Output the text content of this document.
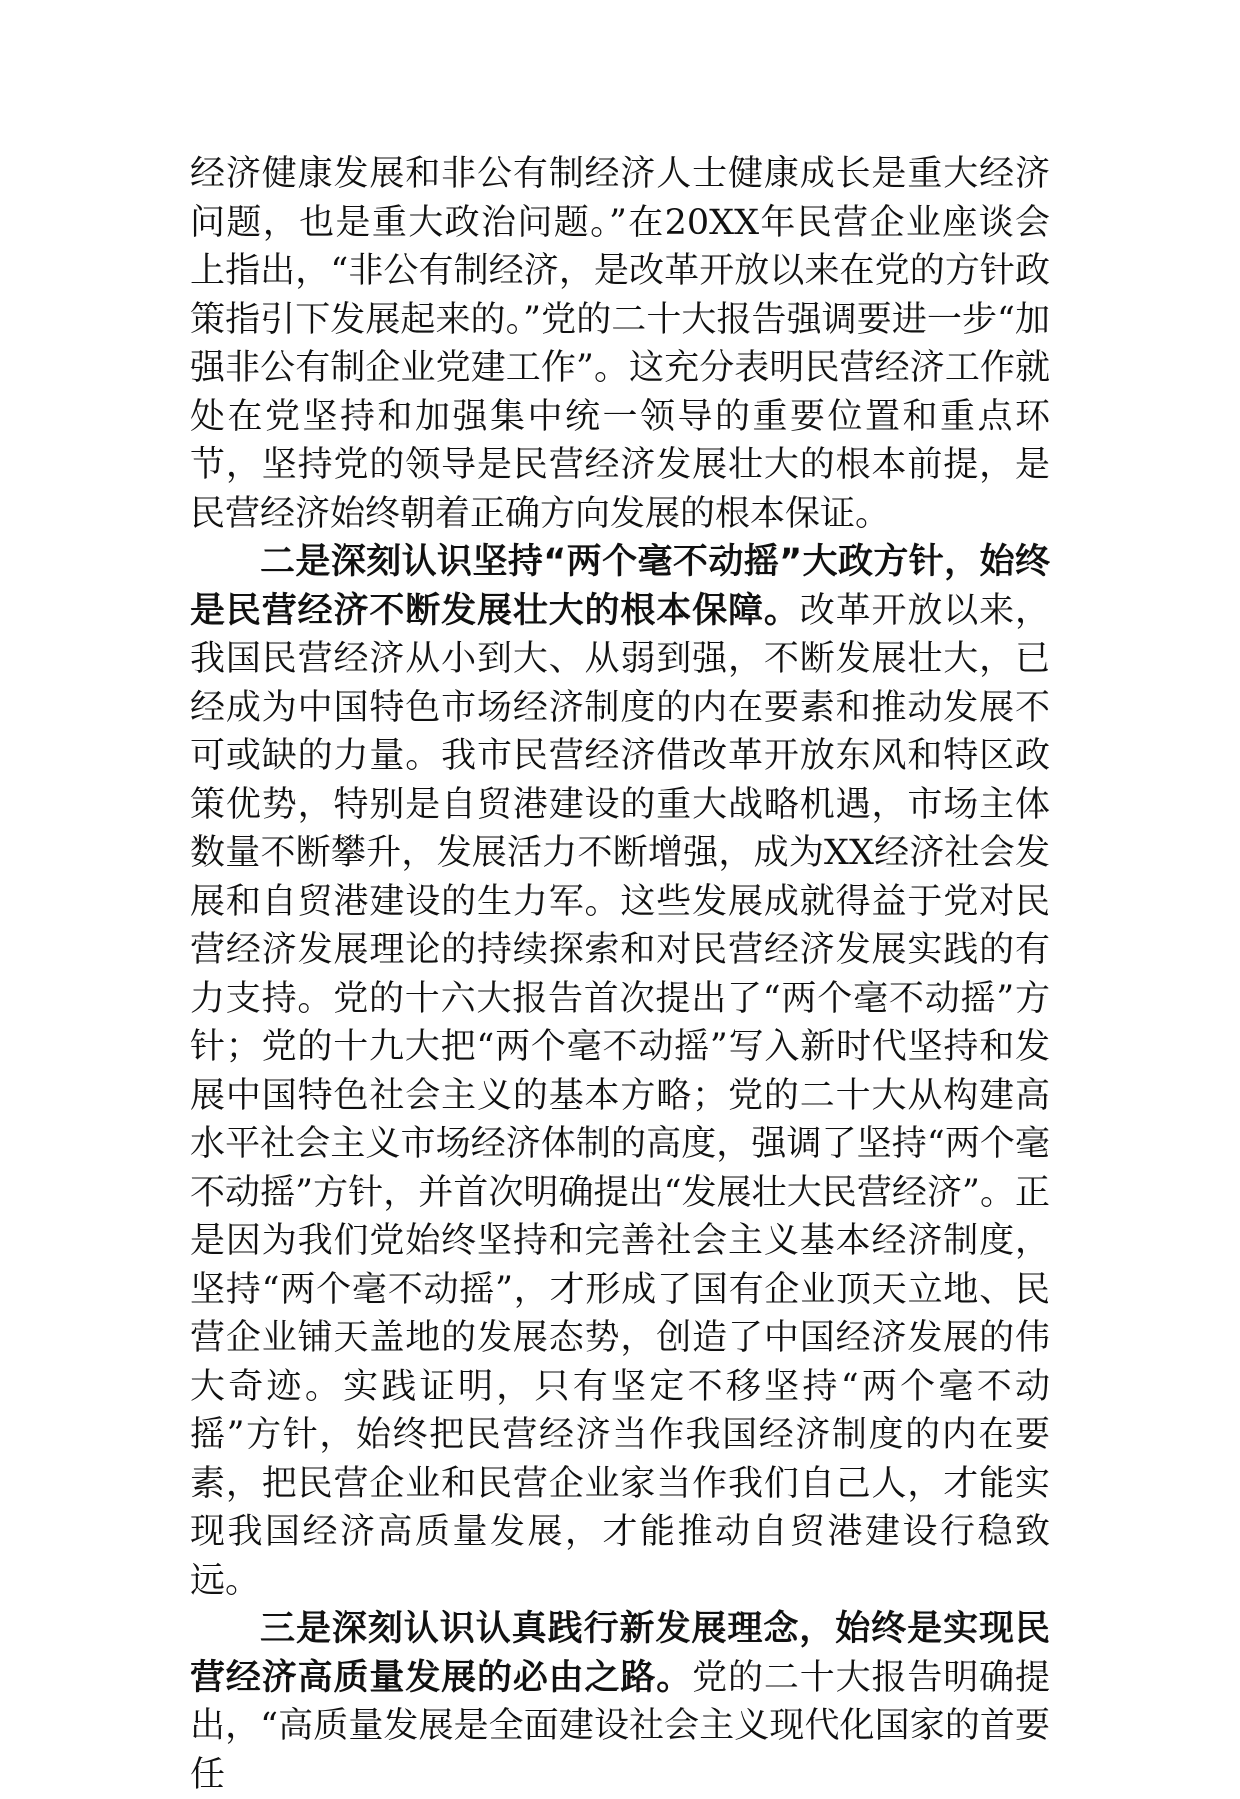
经济健康发展和非公有制经济人士健康成长是重大经济问题，也是重大政治问题。”在20XX年民营企业座谈会上指出，“非公有制经济，是改革开放以来在党的方针政策指引下发展起来的。”党的二十大报告强调要进一步“加强非公有制企业党建工作”。这充分表明民营经济工作就处在党坚持和加强集中统一领导的重要位置和重点环节，坚持党的领导是民营经济发展壮大的根本前提，是民营经济始终朝着正确方向发展的根本保证。

二是深刻认识坚持“两个毫不动摇”大政方针，始终是民营经济不断发展壮大的根本保障。改革开放以来，我国民营经济从小到大、从弱到强，不断发展壮大，已经成为中国特色市场经济制度的内在要素和推动发展不可或缺的力量。我市民营经济借改革开放东风和特区政策优势，特别是自贸港建设的重大战略机遇，市场主体数量不断攀升，发展活力不断增强，成为XX经济社会发展和自贸港建设的生力军。这些发展成就得益于党对民营经济发展理论的持续探索和对民营经济发展实践的有力支持。党的十六大报告首次提出了“两个毫不动摇”方针；党的十九大把“两个毫不动摇”写入新时代坚持和发展中国特色社会主义的基本方略；党的二十大从构建高水平社会主义市场经济体制的高度，强调了坚持“两个毫不动摇”方针，并首次明确提出“发展壮大民营经济”。正是因为我们党始终坚持和完善社会主义基本经济制度，坚持“两个毫不动摇”，才形成了国有企业顶天立地、民营企业铺天盖地的发展态势，创造了中国经济发展的伟大奇迹。实践证明，只有坚定不移坚持“两个毫不动摇”方针，始终把民营经济当作我国经济制度的内在要素，把民营企业和民营企业家当作我们自己人，才能实现我国经济高质量发展，才能推动自贸港建设行稳致远。

三是深刻认识认真践行新发展理念，始终是实现民营经济高质量发展的必由之路。党的二十大报告明确提出，“高质量发展是全面建设社会主义现代化国家的首要任
